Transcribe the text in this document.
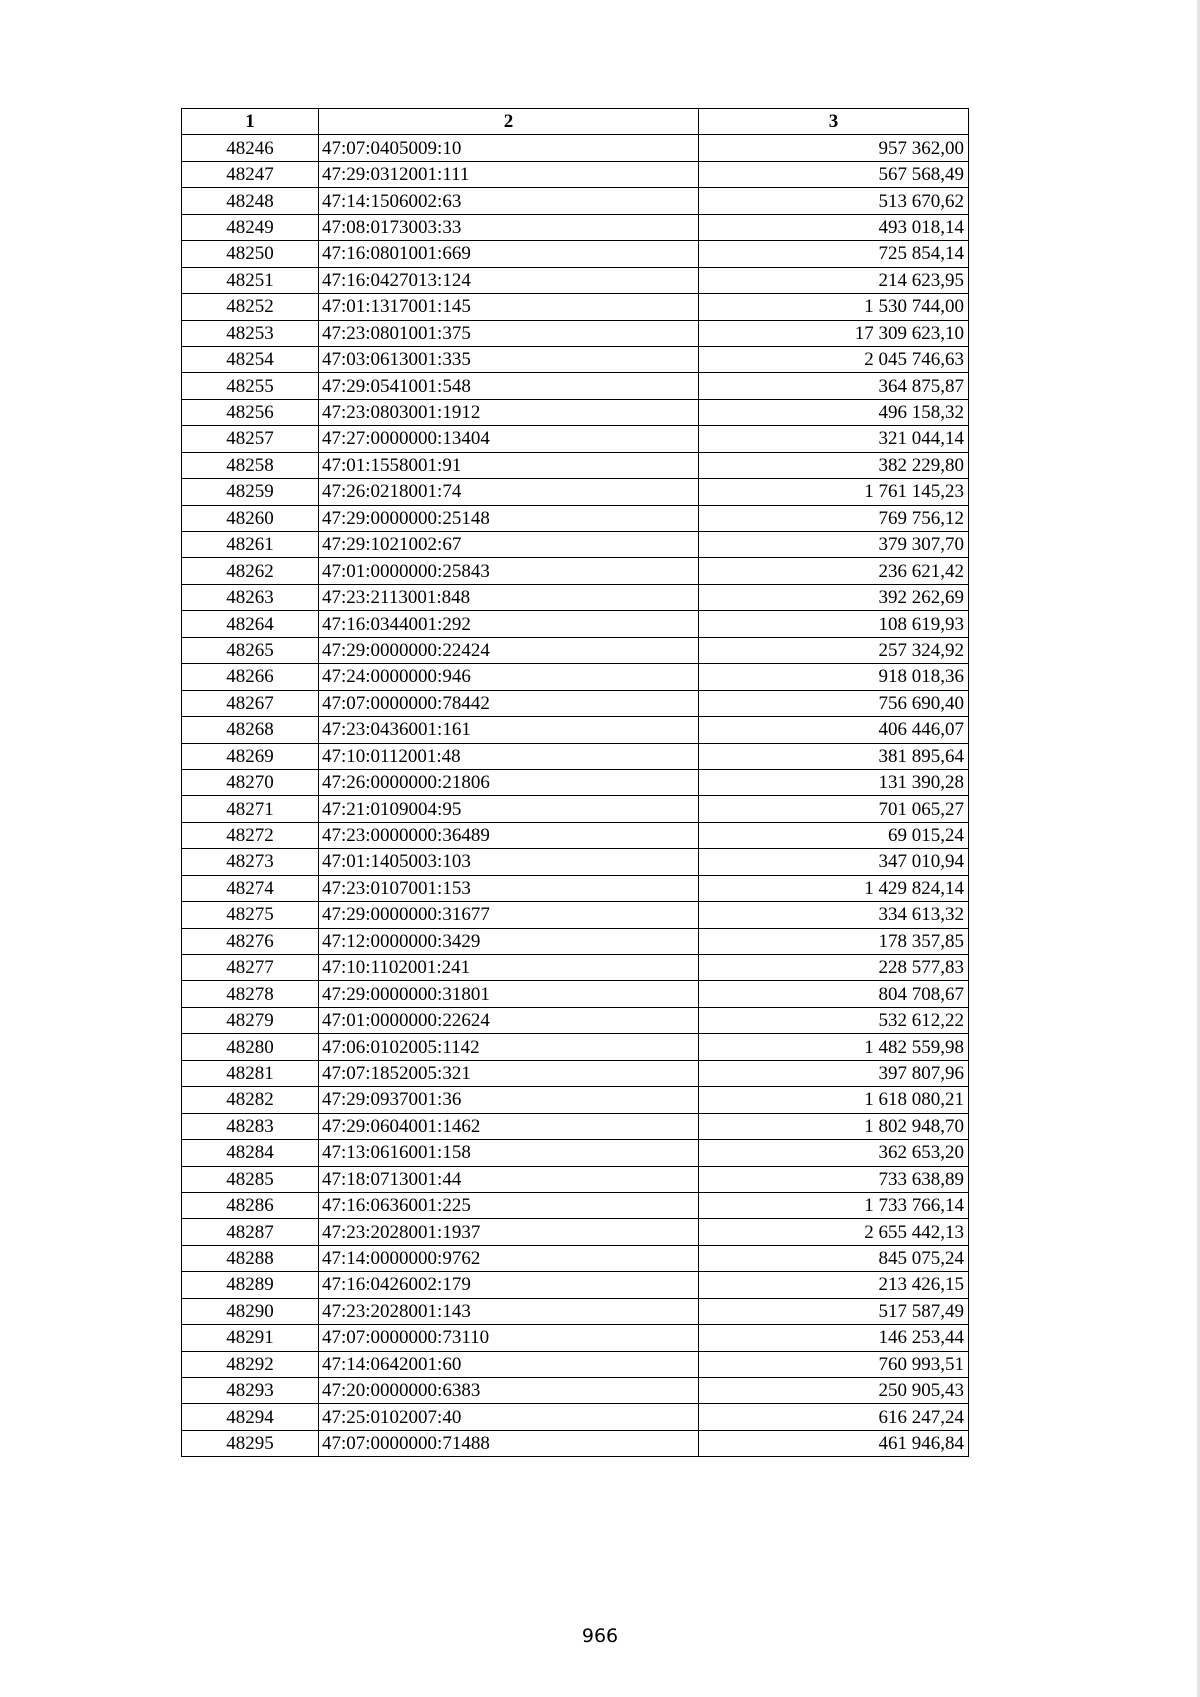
1	2	3
48246	47:07:0405009:10	957 362,00
48247	47:29:0312001:111	567 568,49
48248	47:14:1506002:63	513 670,62
48249	47:08:0173003:33	493 018,14
48250	47:16:0801001:669	725 854,14
48251	47:16:0427013:124	214 623,95
48252	47:01:1317001:145	1 530 744,00
48253	47:23:0801001:375	17 309 623,10
48254	47:03:0613001:335	2 045 746,63
48255	47:29:0541001:548	364 875,87
48256	47:23:0803001:1912	496 158,32
48257	47:27:0000000:13404	321 044,14
48258	47:01:1558001:91	382 229,80
48259	47:26:0218001:74	1 761 145,23
48260	47:29:0000000:25148	769 756,12
48261	47:29:1021002:67	379 307,70
48262	47:01:0000000:25843	236 621,42
48263	47:23:2113001:848	392 262,69
48264	47:16:0344001:292	108 619,93
48265	47:29:0000000:22424	257 324,92
48266	47:24:0000000:946	918 018,36
48267	47:07:0000000:78442	756 690,40
48268	47:23:0436001:161	406 446,07
48269	47:10:0112001:48	381 895,64
48270	47:26:0000000:21806	131 390,28
48271	47:21:0109004:95	701 065,27
48272	47:23:0000000:36489	69 015,24
48273	47:01:1405003:103	347 010,94
48274	47:23:0107001:153	1 429 824,14
48275	47:29:0000000:31677	334 613,32
48276	47:12:0000000:3429	178 357,85
48277	47:10:1102001:241	228 577,83
48278	47:29:0000000:31801	804 708,67
48279	47:01:0000000:22624	532 612,22
48280	47:06:0102005:1142	1 482 559,98
48281	47:07:1852005:321	397 807,96
48282	47:29:0937001:36	1 618 080,21
48283	47:29:0604001:1462	1 802 948,70
48284	47:13:0616001:158	362 653,20
48285	47:18:0713001:44	733 638,89
48286	47:16:0636001:225	1 733 766,14
48287	47:23:2028001:1937	2 655 442,13
48288	47:14:0000000:9762	845 075,24
48289	47:16:0426002:179	213 426,15
48290	47:23:2028001:143	517 587,49
48291	47:07:0000000:73110	146 253,44
48292	47:14:0642001:60	760 993,51
48293	47:20:0000000:6383	250 905,43
48294	47:25:0102007:40	616 247,24
48295	47:07:0000000:71488	461 946,84
966
